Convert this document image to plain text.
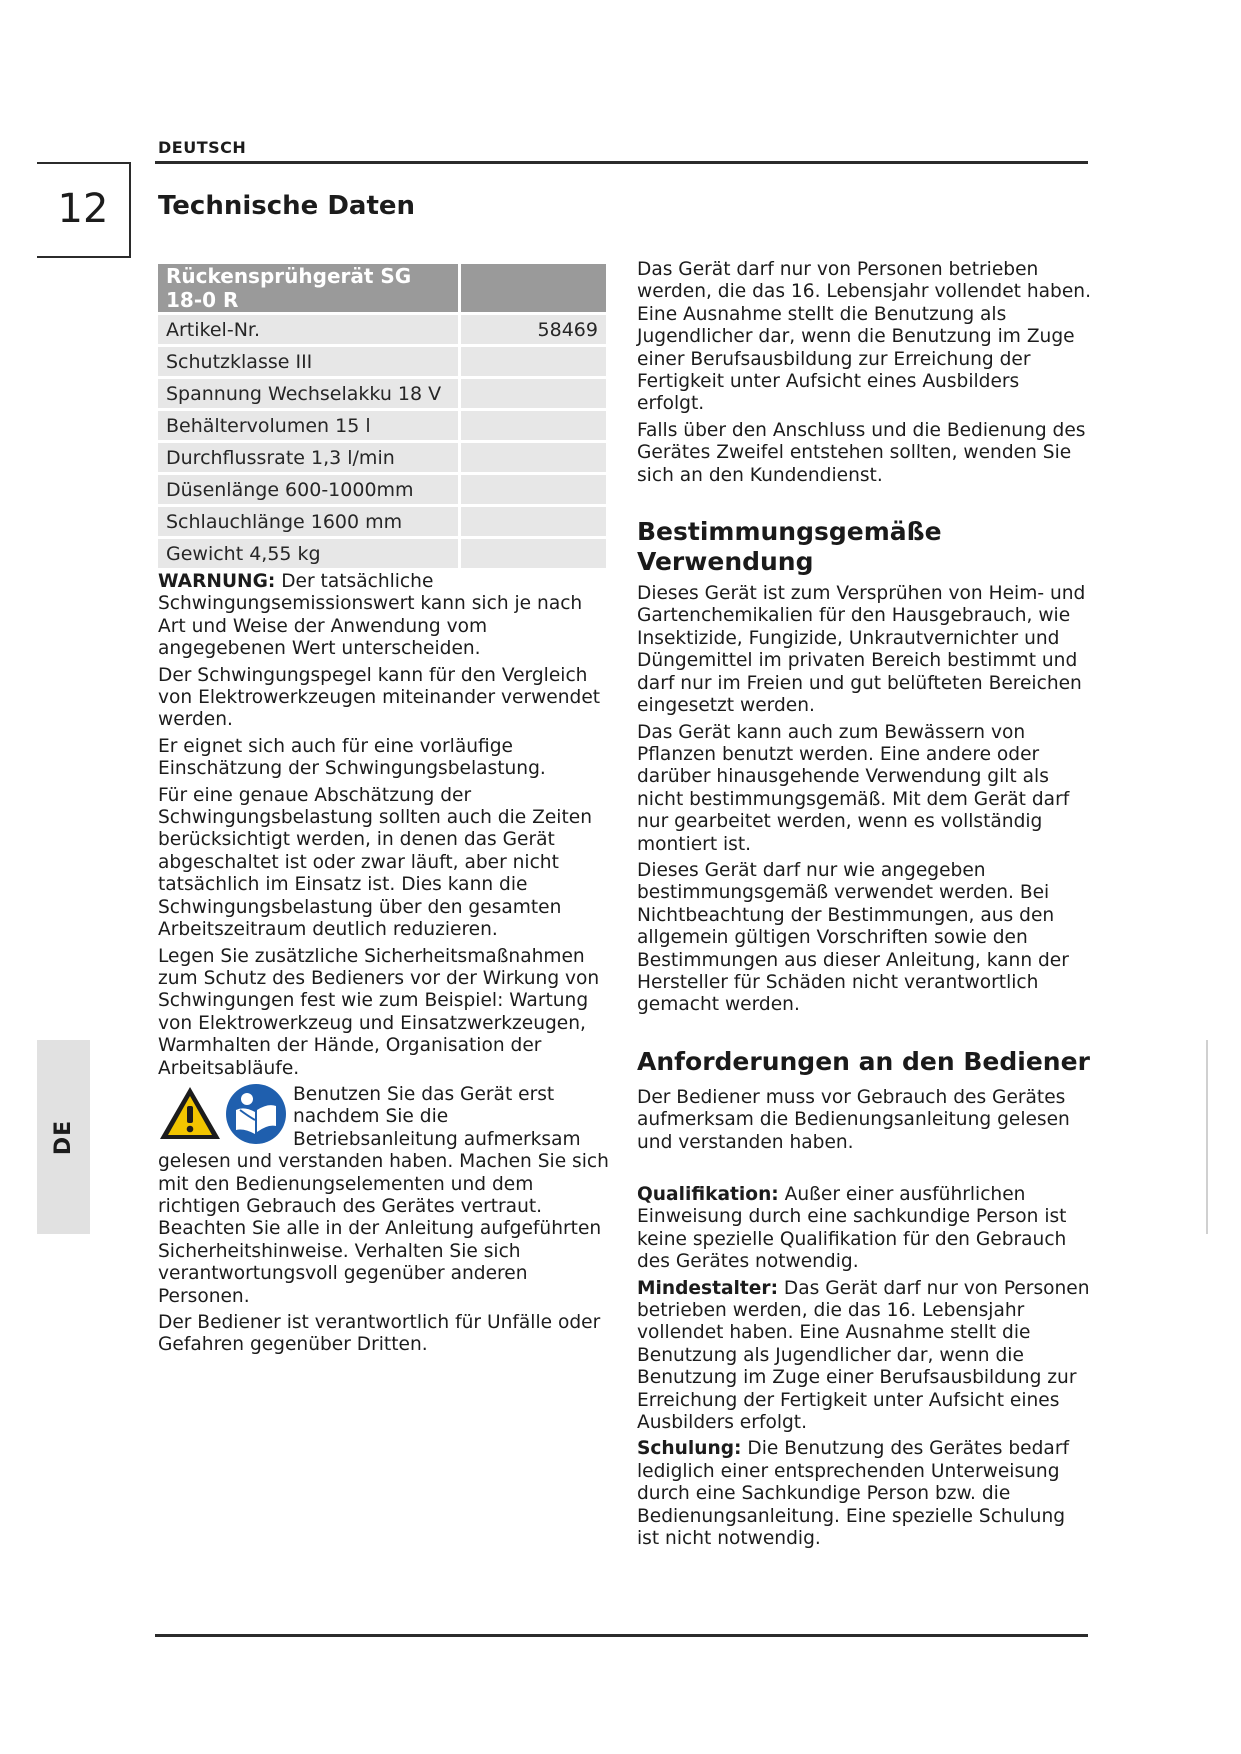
DEUTSCH
12	Technische Daten
DE
Rückensprühgerät SG 18-0 R	
Artikel-Nr.	58469
Schutzklasse III	
Spannung Wechselakku 18 V	
Behältervolumen 15 l	
Durchflussrate 1,3 l/min	
Düsenlänge 600-1000mm	
Schlauchlänge 1600 mm	
Gewicht 4,55 kg	

WARNUNG: Der tatsächliche Schwingungsemissionswert kann sich je nach Art und Weise der Anwendung vom angegebenen Wert unterscheiden.

Der Schwingungspegel kann für den Vergleich von Elektrowerkzeugen miteinander verwendet werden.

Er eignet sich auch für eine vorläufige Einschätzung der Schwingungsbelastung.

Für eine genaue Abschätzung der Schwingungsbelastung sollten auch die Zeiten berücksichtigt werden, in denen das Gerät abgeschaltet ist oder zwar läuft, aber nicht tatsächlich im Einsatz ist. Dies kann die Schwingungsbelastung über den gesamten Arbeitszeitraum deutlich reduzieren.

Legen Sie zusätzliche Sicherheitsmaßnahmen zum Schutz des Bedieners vor der Wirkung von Schwingungen fest wie zum Beispiel: Wartung von Elektrowerkzeug und Einsatzwerkzeugen, Warmhalten der Hände, Organisation der Arbeitsabläufe.

Benutzen Sie das Gerät erst nachdem Sie die Betriebsanleitung aufmerksam gelesen und verstanden haben. Machen Sie sich mit den Bedienungselementen und dem richtigen Gebrauch des Gerätes vertraut. Beachten Sie alle in der Anleitung aufgeführten Sicherheitshinweise. Verhalten Sie sich verantwortungsvoll gegenüber anderen Personen.

Der Bediener ist verantwortlich für Unfälle oder Gefahren gegenüber Dritten.

Das Gerät darf nur von Personen betrieben werden, die das 16. Lebensjahr vollendet haben. Eine Ausnahme stellt die Benutzung als Jugendlicher dar, wenn die Benutzung im Zuge einer Berufsausbildung zur Erreichung der Fertigkeit unter Aufsicht eines Ausbilders erfolgt.

Falls über den Anschluss und die Bedienung des Gerätes Zweifel entstehen sollten, wenden Sie sich an den Kundendienst.

Bestimmungsgemäße Verwendung

Dieses Gerät ist zum Versprühen von Heim- und Gartenchemikalien für den Hausgebrauch, wie Insektizide, Fungizide, Unkrautvernichter und Düngemittel im privaten Bereich bestimmt und darf nur im Freien und gut belüfteten Bereichen eingesetzt werden.

Das Gerät kann auch zum Bewässern von Pflanzen benutzt werden. Eine andere oder darüber hinausgehende Verwendung gilt als nicht bestimmungsgemäß. Mit dem Gerät darf nur gearbeitet werden, wenn es vollständig montiert ist.

Dieses Gerät darf nur wie angegeben bestimmungsgemäß verwendet werden. Bei Nichtbeachtung der Bestimmungen, aus den allgemein gültigen Vorschriften sowie den Bestimmungen aus dieser Anleitung, kann der Hersteller für Schäden nicht verantwortlich gemacht werden.

Anforderungen an den Bediener

Der Bediener muss vor Gebrauch des Gerätes aufmerksam die Bedienungsanleitung gelesen und verstanden haben.

Qualifikation: Außer einer ausführlichen Einweisung durch eine sachkundige Person ist keine spezielle Qualifikation für den Gebrauch des Gerätes notwendig.

Mindestalter: Das Gerät darf nur von Personen betrieben werden, die das 16. Lebensjahr vollendet haben. Eine Ausnahme stellt die Benutzung als Jugendlicher dar, wenn die Benutzung im Zuge einer Berufsausbildung zur Erreichung der Fertigkeit unter Aufsicht eines Ausbilders erfolgt.

Schulung: Die Benutzung des Gerätes bedarf lediglich einer entsprechenden Unterweisung durch eine Sachkundige Person bzw. die Bedienungsanleitung. Eine spezielle Schulung ist nicht notwendig.
